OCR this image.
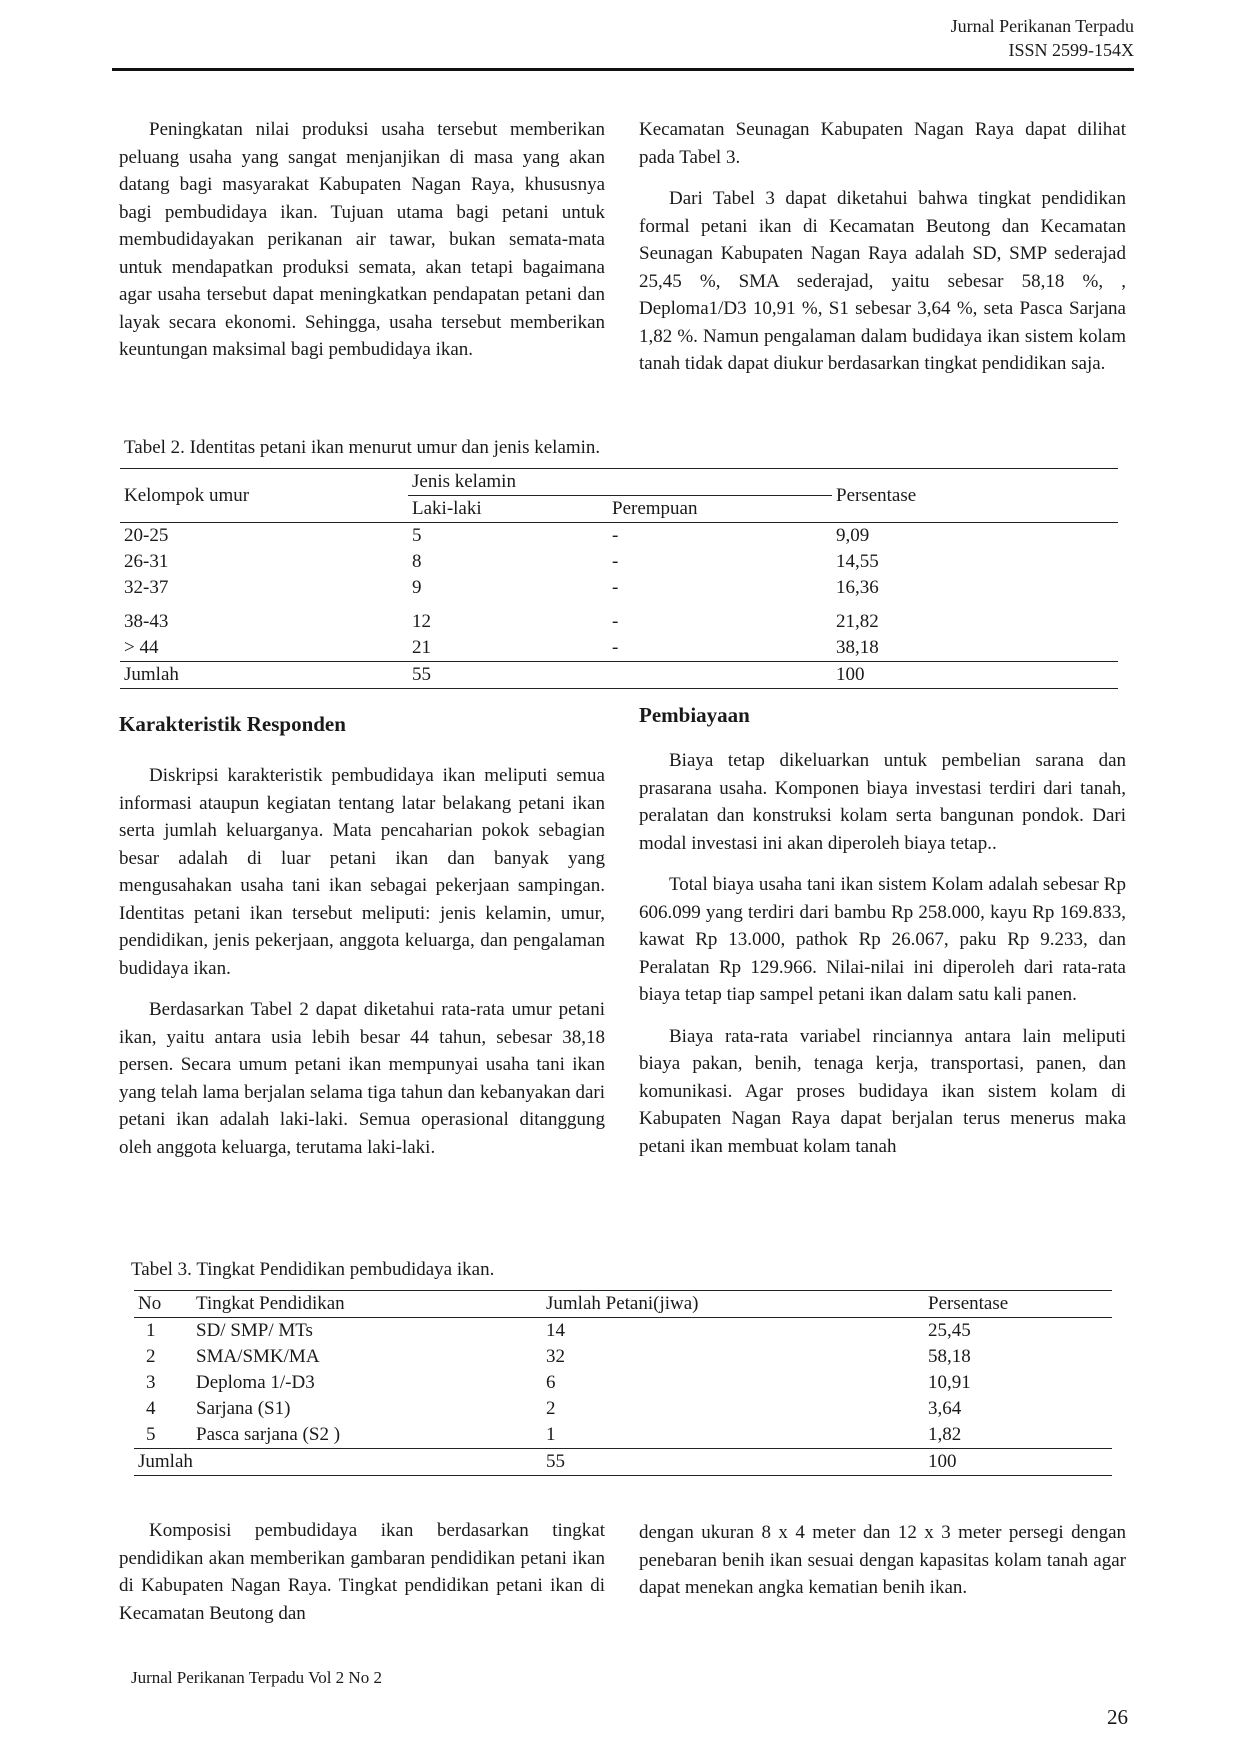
Jurnal Perikanan Terpadu
ISSN 2599-154X

Peningkatan nilai produksi usaha tersebut memberikan peluang usaha yang sangat menjanjikan di masa yang akan datang bagi masyarakat Kabupaten Nagan Raya, khususnya bagi pembudidaya ikan. Tujuan utama bagi petani untuk membudidayakan perikanan air tawar, bukan semata-mata untuk mendapatkan produksi semata, akan tetapi bagaimana agar usaha tersebut dapat meningkatkan pendapatan petani dan layak secara ekonomi. Sehingga, usaha tersebut memberikan keuntungan maksimal bagi pembudidaya ikan.

Kecamatan Seunagan Kabupaten Nagan Raya dapat dilihat pada Tabel 3.

Dari Tabel 3 dapat diketahui bahwa tingkat pendidikan formal petani ikan di Kecamatan Beutong dan Kecamatan Seunagan Kabupaten Nagan Raya adalah SD, SMP sederajad 25,45 %, SMA sederajad, yaitu sebesar 58,18 %, , Deploma1/D3 10,91 %, S1 sebesar 3,64 %, seta Pasca Sarjana 1,82 %. Namun pengalaman dalam budidaya ikan sistem kolam tanah tidak dapat diukur berdasarkan tingkat pendidikan saja.

Tabel 2. Identitas petani ikan menurut umur dan jenis kelamin.
Kelompok umur	Jenis kelamin		Persentase
	Laki-laki	Perempuan	
20-25	5	-	9,09
26-31	8	-	14,55
32-37	9	-	16,36
38-43	12	-	21,82
> 44	21	-	38,18
Jumlah	55		100
Karakteristik Responden

Diskripsi karakteristik pembudidaya ikan meliputi semua informasi ataupun kegiatan tentang latar belakang petani ikan serta jumlah keluarganya. Mata pencaharian pokok sebagian besar adalah di luar petani ikan dan banyak yang mengusahakan usaha tani ikan sebagai pekerjaan sampingan. Identitas petani ikan tersebut meliputi: jenis kelamin, umur, pendidikan, jenis pekerjaan, anggota keluarga, dan pengalaman budidaya ikan.

Berdasarkan Tabel 2 dapat diketahui rata-rata umur petani ikan, yaitu antara usia lebih besar 44 tahun, sebesar 38,18 persen. Secara umum petani ikan mempunyai usaha tani ikan yang telah lama berjalan selama tiga tahun dan kebanyakan dari petani ikan adalah laki-laki. Semua operasional ditanggung oleh anggota keluarga, terutama laki-laki.

Pembiayaan

Biaya tetap dikeluarkan untuk pembelian sarana dan prasarana usaha. Komponen biaya investasi terdiri dari tanah, peralatan dan konstruksi kolam serta bangunan pondok. Dari modal investasi ini akan diperoleh biaya tetap..

Total biaya usaha tani ikan sistem Kolam adalah sebesar Rp 606.099 yang terdiri dari bambu Rp 258.000, kayu Rp 169.833, kawat Rp 13.000, pathok Rp 26.067, paku Rp 9.233, dan Peralatan Rp 129.966. Nilai-nilai ini diperoleh dari rata-rata biaya tetap tiap sampel petani ikan dalam satu kali panen.

Biaya rata-rata variabel rinciannya antara lain meliputi biaya pakan, benih, tenaga kerja, transportasi, panen, dan komunikasi. Agar proses budidaya ikan sistem kolam di Kabupaten Nagan Raya dapat berjalan terus menerus maka petani ikan membuat kolam tanah

Tabel 3. Tingkat Pendidikan pembudidaya ikan.
No	Tingkat Pendidikan	Jumlah Petani(jiwa)	Persentase
1	SD/ SMP/ MTs	14	25,45
2	SMA/SMK/MA	32	58,18
3	Deploma 1/-D3	6	10,91
4	Sarjana (S1)	2	3,64
5	Pasca sarjana (S2 )	1	1,82
Jumlah		55	100

Komposisi pembudidaya ikan berdasarkan tingkat pendidikan akan memberikan gambaran pendidikan petani ikan di Kabupaten Nagan Raya. Tingkat pendidikan petani ikan di Kecamatan Beutong dan

dengan ukuran 8 x 4 meter dan 12 x 3 meter persegi dengan penebaran benih ikan sesuai dengan kapasitas kolam tanah agar dapat menekan angka kematian benih ikan.

Jurnal Perikanan Terpadu Vol 2 No 2
26
